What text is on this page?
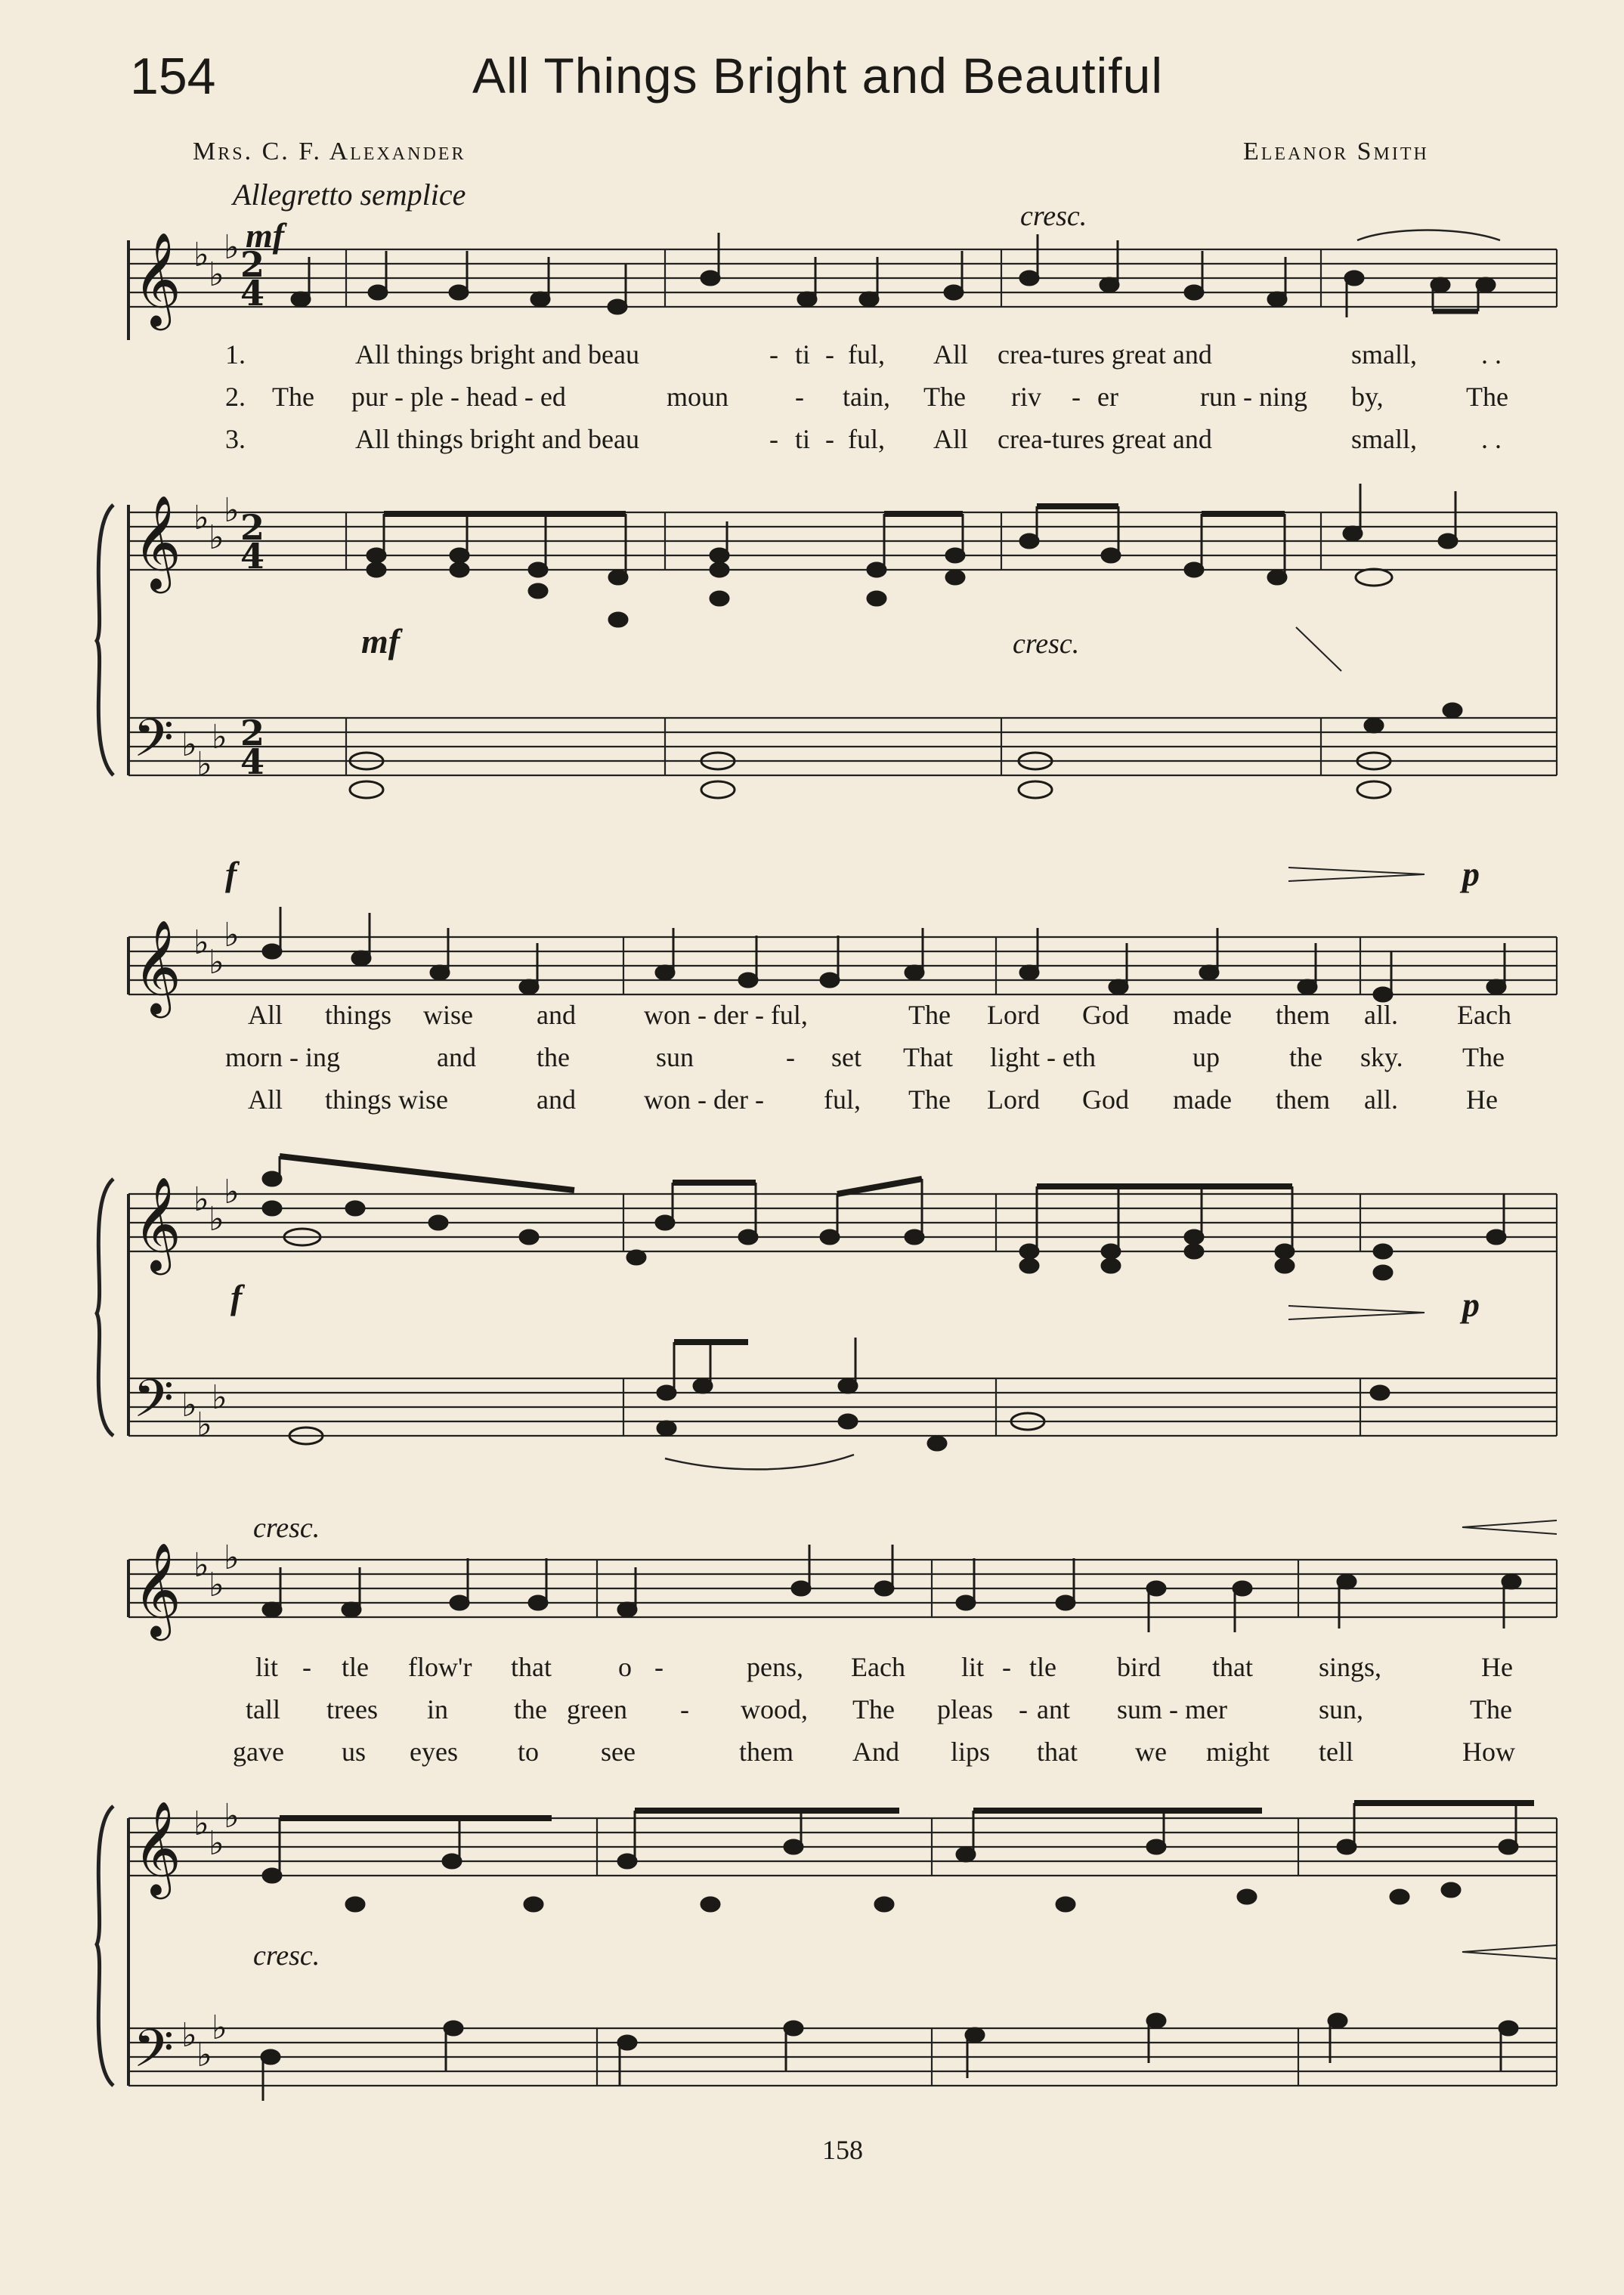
154	All Things Bright and Beautiful
Mrs. C. F. Alexander	Eleanor Smith
Allegretto semplice
𝄞
𝄞
𝄢
𝄞
𝄞
𝄢
𝄞
𝄞
𝄢
♭
♭
♭
♭
♭
♭
♭
♭
♭
♭
♭
♭
♭
♭
♭
♭
♭
♭
♭
♭
♭
♭
♭
♭
♭
♭
♭
2
4
2
4
2
4
mf	cresc.
mf	cresc.
f	p
f	p
cresc.
cresc.
1.
2.
3.
All things bright and beau	- ti - ful, All crea-tures great and	small, . .
The pur - ple - head - ed	moun - tain, The riv - er	run - ning by,	The
All things bright and beau	- ti - ful, All crea-tures great and	small, . .
All things wise and	won - der - ful,	The Lord God made them all. Each
morn - ing	and the	sun	- set That light - eth	up	the sky. The
All things wise	and	won - der - ful, The Lord God made them all.	He
lit - tle flow'r that o -	pens, Each lit - tle bird that sings,	He
tall trees in the green - wood, The pleas - ant sum - mer	sun,	The
gave us eyes to see	them And lips that we might tell	How
158
